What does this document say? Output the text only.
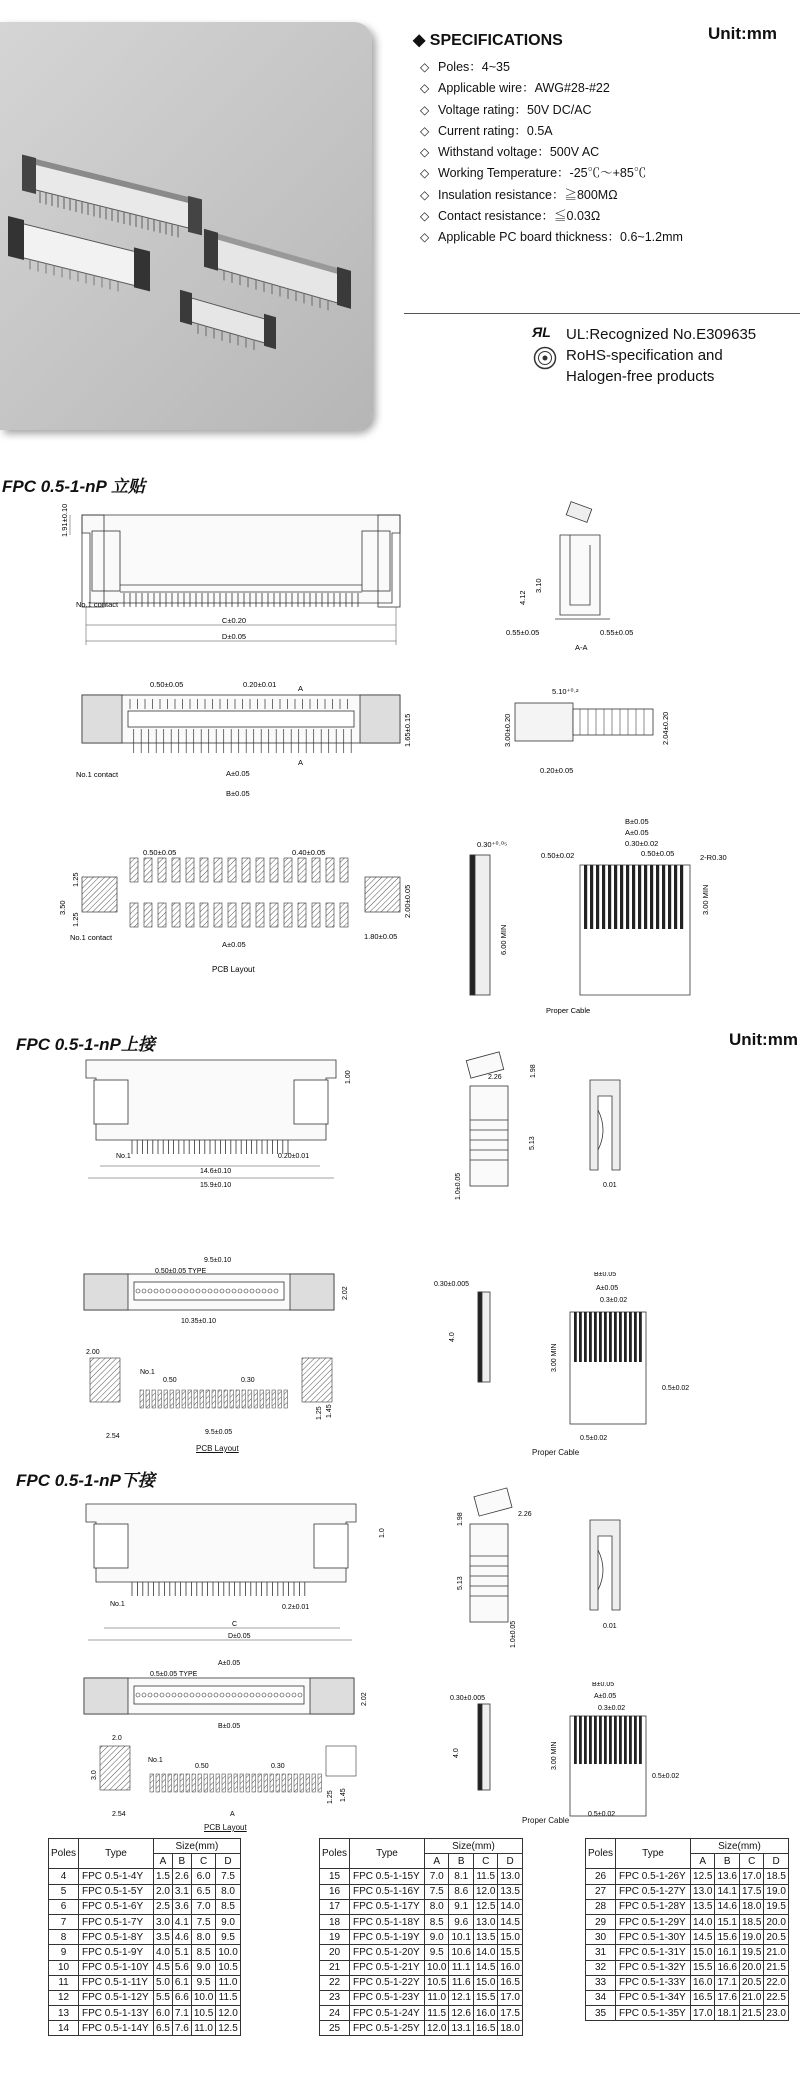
◆ SPECIFICATIONS	Unit:mm
◇ Poles：4~35
◇ Applicable wire：AWG#28-#22
◇ Voltage rating：50V DC/AC
◇ Current rating：0.5A
◇ Withstand voltage：500V AC
◇ Working Temperature：-25℃～+85℃
◇ Insulation resistance：≧800MΩ
◇ Contact resistance：≦0.03Ω
◇ Applicable PC board thickness：0.6~1.2mm
ЯL UL:Recognized No.E309635
RoHS-specification and
Halogen-free products
FPC 0.5-1-nP 立贴
C±0.20
D±0.05
No.1 contact
1.91±0.10
4.12
3.10
0.55±0.05	0.55±0.05
A-A
0.50±0.05	0.20±0.01	A
A
No.1 contact	A±0.05
B±0.05
1.65±0.15
5.10⁺⁰·²
3.00±0.20	2.04±0.20
0.20±0.05
0.50±0.05	0.40±0.05
3.50
1.25
1.25
2.00±0.05
1.80±0.05
No.1 contact
A±0.05
PCB Layout
0.30⁺⁰·⁰⁵
6.00 MIN
0.50±0.02
B±0.05
A±0.05
0.30±0.02
0.50±0.05	2-R0.30
3.00 MIN
Proper Cable
FPC 0.5-1-nP上接	Unit:mm
No.1	0.20±0.01
14.6±0.10
15.9±0.10
1.00	2.26	1.98
5.13
1.0±0.05	0.01
9.5±0.10
0.50±0.05 TYPE
10.35±0.10
2.02
2.00
No.1
0.50	0.30
1.25 1.45
2.54
9.5±0.05
PCB Layout
0.30±0.005
4.0
B±0.05
A±0.05
0.3±0.02
3.00 MIN
0.5±0.02
0.5±0.02
Proper Cable
FPC 0.5-1-nP下接
No.1	0.2±0.01
C
D±0.05
1.0
1.98	2.26
5.13
1.0±0.05	0.01
0.5±0.05 TYPE
A±0.05
B±0.05
2.02
2.0
3.0
No.1
0.50	0.30
1.25 1.45
2.54	A
PCB Layout
0.30±0.005
4.0
B±0.05
A±0.05
0.3±0.02
3.00 MIN
0.5±0.02
0.5±0.02
Proper Cable
Poles	Type	Size(mm)			
		A	B	C	D
4	FPC 0.5-1-4Y	1.5	2.6	6.0	7.5
5	FPC 0.5-1-5Y	2.0	3.1	6.5	8.0
6	FPC 0.5-1-6Y	2.5	3.6	7.0	8.5
7	FPC 0.5-1-7Y	3.0	4.1	7.5	9.0
8	FPC 0.5-1-8Y	3.5	4.6	8.0	9.5
9	FPC 0.5-1-9Y	4.0	5.1	8.5	10.0
10	FPC 0.5-1-10Y	4.5	5.6	9.0	10.5
11	FPC 0.5-1-11Y	5.0	6.1	9.5	11.0
12	FPC 0.5-1-12Y	5.5	6.6	10.0	11.5
13	FPC 0.5-1-13Y	6.0	7.1	10.5	12.0
14	FPC 0.5-1-14Y	6.5	7.6	11.0	12.5
Poles	Type	Size(mm)			
		A	B	C	D
15	FPC 0.5-1-15Y	7.0	8.1	11.5	13.0
16	FPC 0.5-1-16Y	7.5	8.6	12.0	13.5
17	FPC 0.5-1-17Y	8.0	9.1	12.5	14.0
18	FPC 0.5-1-18Y	8.5	9.6	13.0	14.5
19	FPC 0.5-1-19Y	9.0	10.1	13.5	15.0
20	FPC 0.5-1-20Y	9.5	10.6	14.0	15.5
21	FPC 0.5-1-21Y	10.0	11.1	14.5	16.0
22	FPC 0.5-1-22Y	10.5	11.6	15.0	16.5
23	FPC 0.5-1-23Y	11.0	12.1	15.5	17.0
24	FPC 0.5-1-24Y	11.5	12.6	16.0	17.5
25	FPC 0.5-1-25Y	12.0	13.1	16.5	18.0
Poles	Type	Size(mm)			
		A	B	C	D
26	FPC 0.5-1-26Y	12.5	13.6	17.0	18.5
27	FPC 0.5-1-27Y	13.0	14.1	17.5	19.0
28	FPC 0.5-1-28Y	13.5	14.6	18.0	19.5
29	FPC 0.5-1-29Y	14.0	15.1	18.5	20.0
30	FPC 0.5-1-30Y	14.5	15.6	19.0	20.5
31	FPC 0.5-1-31Y	15.0	16.1	19.5	21.0
32	FPC 0.5-1-32Y	15.5	16.6	20.0	21.5
33	FPC 0.5-1-33Y	16.0	17.1	20.5	22.0
34	FPC 0.5-1-34Y	16.5	17.6	21.0	22.5
35	FPC 0.5-1-35Y	17.0	18.1	21.5	23.0
